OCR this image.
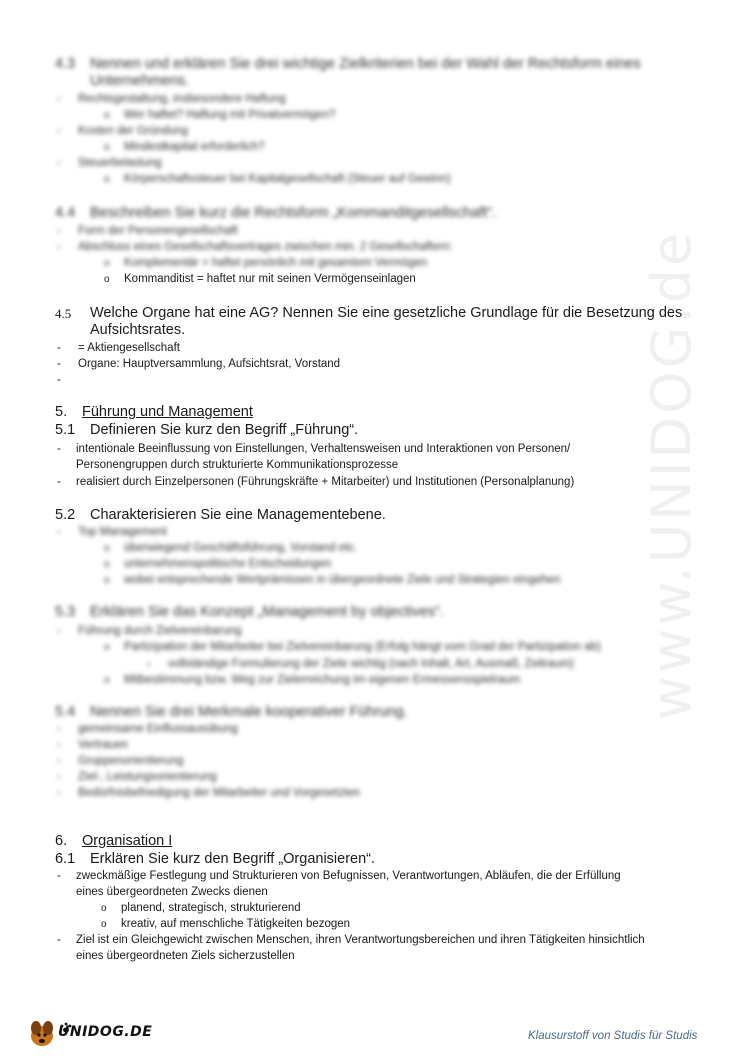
www.UNIDOG.de
4.3 Nennen und erklären Sie drei wichtige Zielkriterien bei der Wahl der Rechtsform eines Unternehmens.
- Rechtsgestaltung, insbesondere Haftung
o Wer haftet? Haftung mit Privatvermögen?
- Kosten der Gründung
o Mindestkapital erforderlich?
- Steuerbelastung
o Körperschaftssteuer bei Kapitalgesellschaft (Steuer auf Gewinn)
4.4 Beschreiben Sie kurz die Rechtsform „Kommanditgesellschaft“.
- Form der Personengesellschaft
- Abschluss eines Gesellschaftsvertrages zwischen min. 2 Gesellschaftern:
o Komplementär = haftet persönlich mit gesamtem Vermögen
o Kommanditist = haftet nur mit seinen Vermögenseinlagen
4.5 Welche Organe hat eine AG? Nennen Sie eine gesetzliche Grundlage für die Besetzung des
Aufsichtsrates.
- = Aktiengesellschaft
- Organe: Hauptversammlung, Aufsichtsrat, Vorstand
-
5. Führung und Management
5.1 Definieren Sie kurz den Begriff „Führung“.
- intentionale Beeinflussung von Einstellungen, Verhaltensweisen und Interaktionen von Personen/
Personengruppen durch strukturierte Kommunikationsprozesse
- realisiert durch Einzelpersonen (Führungskräfte + Mitarbeiter) und Institutionen (Personalplanung)
5.2 Charakterisieren Sie eine Managementebene.
- Top Management
o überwiegend Geschäftsführung, Vorstand etc.
o unternehmenspolitische Entscheidungen
o wobei entsprechende Wertprämissen in übergeordnete Ziele und Strategien eingehen
5.3 Erklären Sie das Konzept „Management by objectives“.
- Führung durch Zielvereinbarung
o Partizipation der Mitarbeiter bei Zielvereinbarung (Erfolg hängt vom Grad der Partizipation ab)
▪ vollständige Formulierung der Ziele wichtig (nach Inhalt, Art, Ausmaß, Zeitraum)
o Mitbestimmung bzw. Weg zur Zielerreichung im eigenen Ermessensspielraum
5.4 Nennen Sie drei Merkmale kooperativer Führung.
- gemeinsame Einflussausübung
- Vertrauen
- Gruppenorientierung
- Ziel-, Leistungsorientierung
- Bedürfnisbefriedigung der Mitarbeiter und Vorgesetzten
6. Organisation I
6.1 Erklären Sie kurz den Begriff „Organisieren“.
- zweckmäßige Festlegung und Strukturieren von Befugnissen, Verantwortungen, Abläufen, die der Erfüllung
eines übergeordneten Zwecks dienen
o planend, strategisch, strukturierend
o kreativ, auf menschliche Tätigkeiten bezogen
- Ziel ist ein Gleichgewicht zwischen Menschen, ihren Verantwortungsbereichen und ihren Tätigkeiten hinsichtlich
eines übergeordneten Ziels sicherzustellen
UNIDOG.DE	Klausurstoff von Studis für Studis
